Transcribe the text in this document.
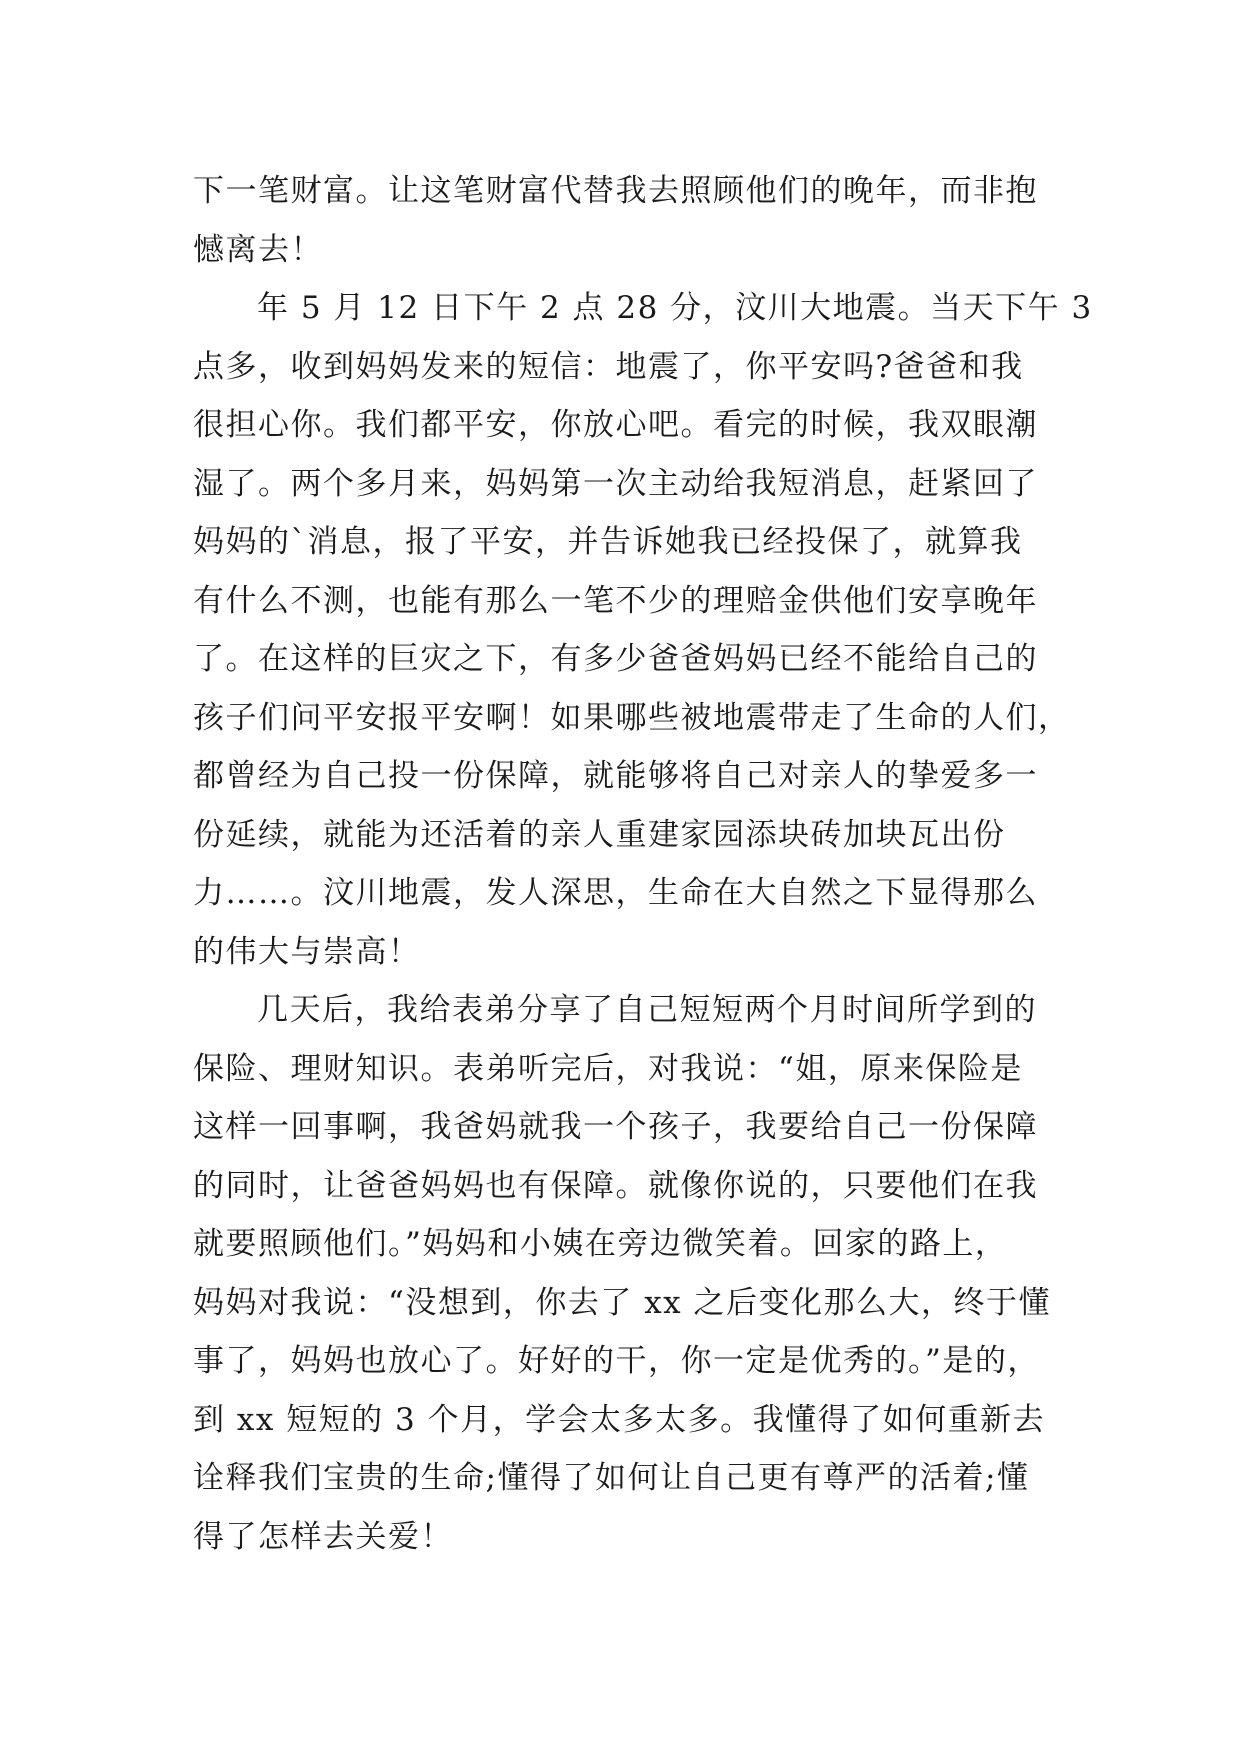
下一笔财富。让这笔财富代替我去照顾他们的晚年，而非抱
憾离去！
年 5 月 12 日下午 2 点 28 分，汶川大地震。当天下午 3
点多，收到妈妈发来的短信：地震了，你平安吗?爸爸和我
很担心你。我们都平安，你放心吧。看完的时候，我双眼潮
湿了。两个多月来，妈妈第一次主动给我短消息，赶紧回了
妈妈的`消息，报了平安，并告诉她我已经投保了，就算我
有什么不测，也能有那么一笔不少的理赔金供他们安享晚年
了。在这样的巨灾之下，有多少爸爸妈妈已经不能给自己的
孩子们问平安报平安啊！如果哪些被地震带走了生命的人们，
都曾经为自己投一份保障，就能够将自己对亲人的挚爱多一
份延续，就能为还活着的亲人重建家园添块砖加块瓦出份
力……。汶川地震，发人深思，生命在大自然之下显得那么
的伟大与崇高！
几天后，我给表弟分享了自己短短两个月时间所学到的
保险、理财知识。表弟听完后，对我说：“姐，原来保险是
这样一回事啊，我爸妈就我一个孩子，我要给自己一份保障
的同时，让爸爸妈妈也有保障。就像你说的，只要他们在我
就要照顾他们。”妈妈和小姨在旁边微笑着。回家的路上，
妈妈对我说：“没想到，你去了 xx 之后变化那么大，终于懂
事了，妈妈也放心了。好好的干，你一定是优秀的。”是的，
到 xx 短短的 3 个月，学会太多太多。我懂得了如何重新去
诠释我们宝贵的生命;懂得了如何让自己更有尊严的活着;懂
得了怎样去关爱！
